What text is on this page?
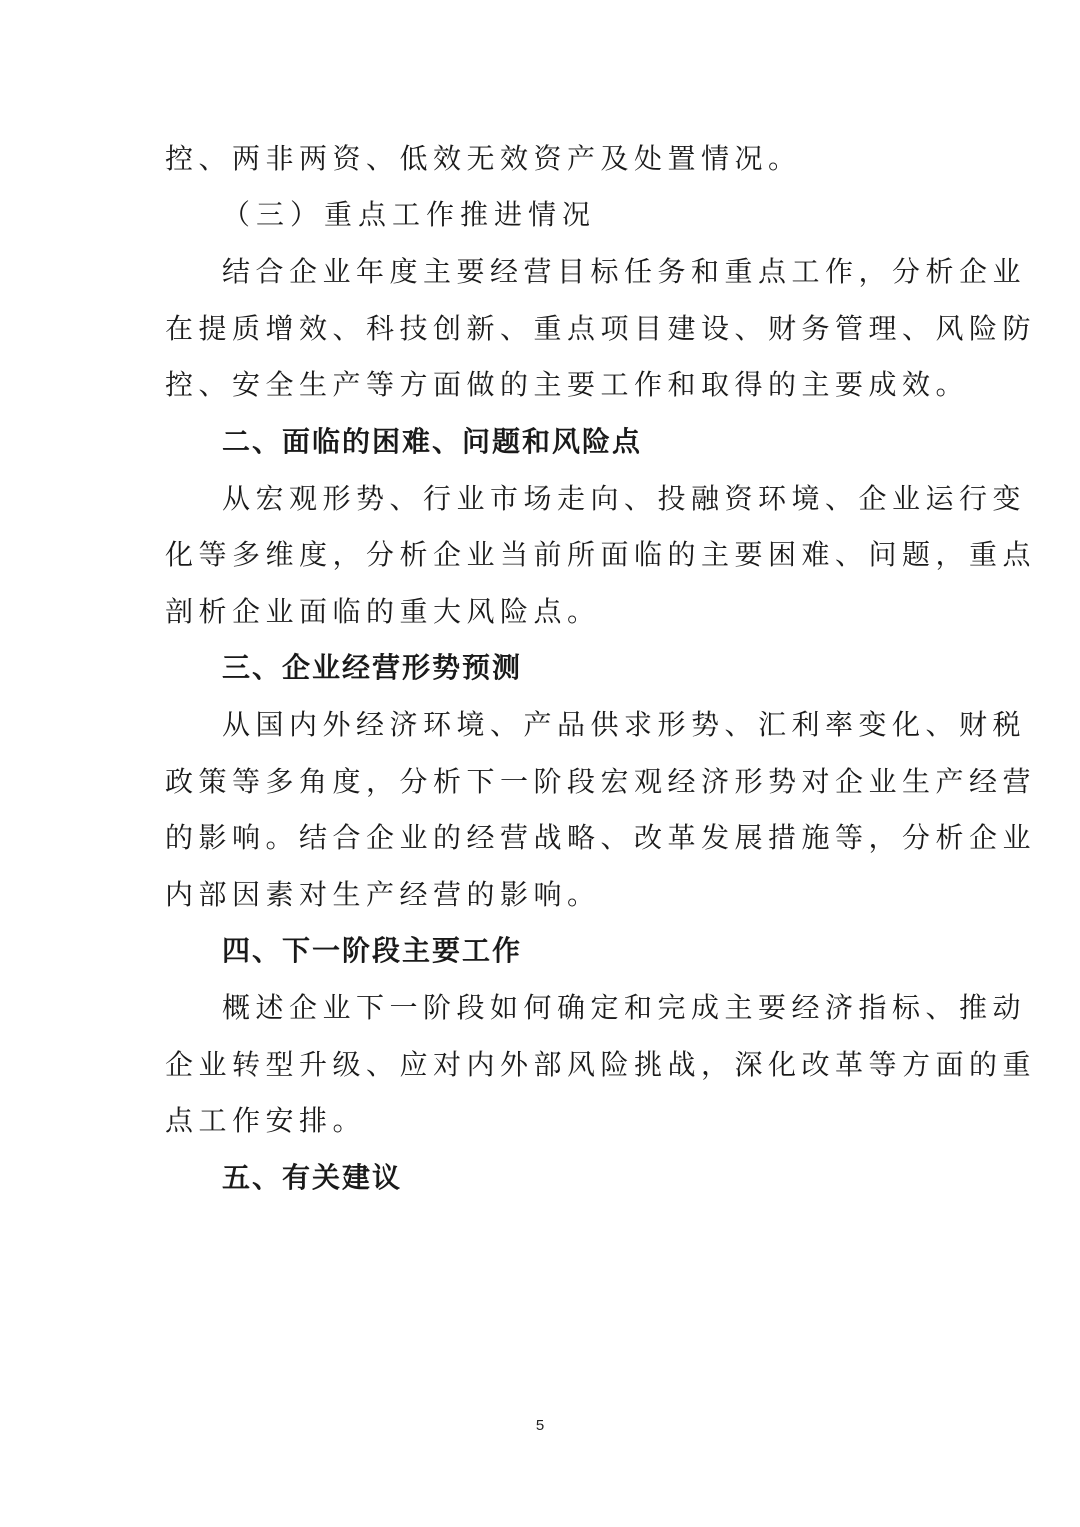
控、两非两资、低效无效资产及处置情况。
（三）重点工作推进情况
结合企业年度主要经营目标任务和重点工作，分析企业
在提质增效、科技创新、重点项目建设、财务管理、风险防
控、安全生产等方面做的主要工作和取得的主要成效。
二、面临的困难、问题和风险点
从宏观形势、行业市场走向、投融资环境、企业运行变
化等多维度，分析企业当前所面临的主要困难、问题，重点
剖析企业面临的重大风险点。
三、企业经营形势预测
从国内外经济环境、产品供求形势、汇利率变化、财税
政策等多角度，分析下一阶段宏观经济形势对企业生产经营
的影响。结合企业的经营战略、改革发展措施等，分析企业
内部因素对生产经营的影响。
四、下一阶段主要工作
概述企业下一阶段如何确定和完成主要经济指标、推动
企业转型升级、应对内外部风险挑战，深化改革等方面的重
点工作安排。
五、有关建议
5
